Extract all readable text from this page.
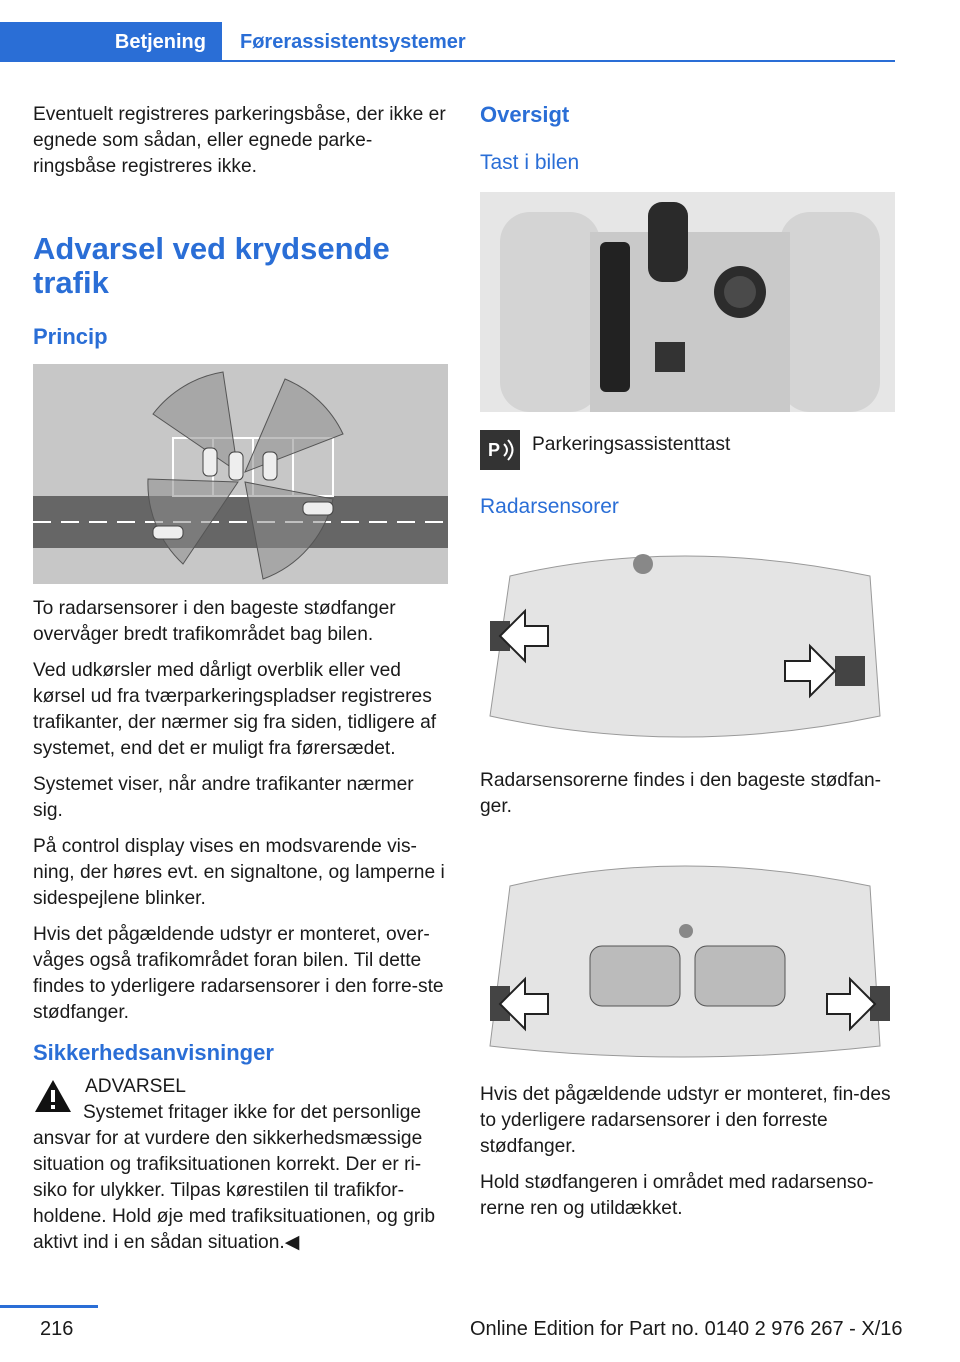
Betjening	Førerassistentsystemer

Eventuelt registreres parkeringsbåse, der ikke er egnede som sådan, eller egnede parke‐ringsbåse registreres ikke.

Advarsel ved krydsende trafik
Princip

To radarsensorer i den bageste stødfanger overvåger bredt trafikområdet bag bilen.

Ved udkørsler med dårligt overblik eller ved kørsel ud fra tværparkeringspladser registreres trafikanter, der nærmer sig fra siden, tidligere af systemet, end det er muligt fra førersædet.

Systemet viser, når andre trafikanter nærmer sig.

På control display vises en modsvarende vis‐ning, der høres evt. en signaltone, og lamperne i sidespejlene blinker.

Hvis det pågældende udstyr er monteret, over‐våges også trafikområdet foran bilen. Til dette findes to yderligere radarsensorer i den forre‐ste stødfanger.

Sikkerhedsanvisninger
ADVARSEL
Systemet fritager ikke for det personlige ansvar for at vurdere den sikkerhedsmæssige situation og trafiksituationen korrekt. Der er ri‐siko for ulykker. Tilpas kørestilen til trafikfor‐holdene. Hold øje med trafiksituationen, og grib aktivt ind i en sådan situation.◀
Oversigt
Tast i bilen
P	Parkeringsassistenttast
Radarsensorer

Radarsensorerne findes i den bageste stødfan‐ger.

Hvis det pågældende udstyr er monteret, fin‐des to yderligere radarsensorer i den forreste stødfanger.

Hold stødfangeren i området med radarsenso‐rerne ren og utildækket.

216	Online Edition for Part no. 0140 2 976 267 - X/16
